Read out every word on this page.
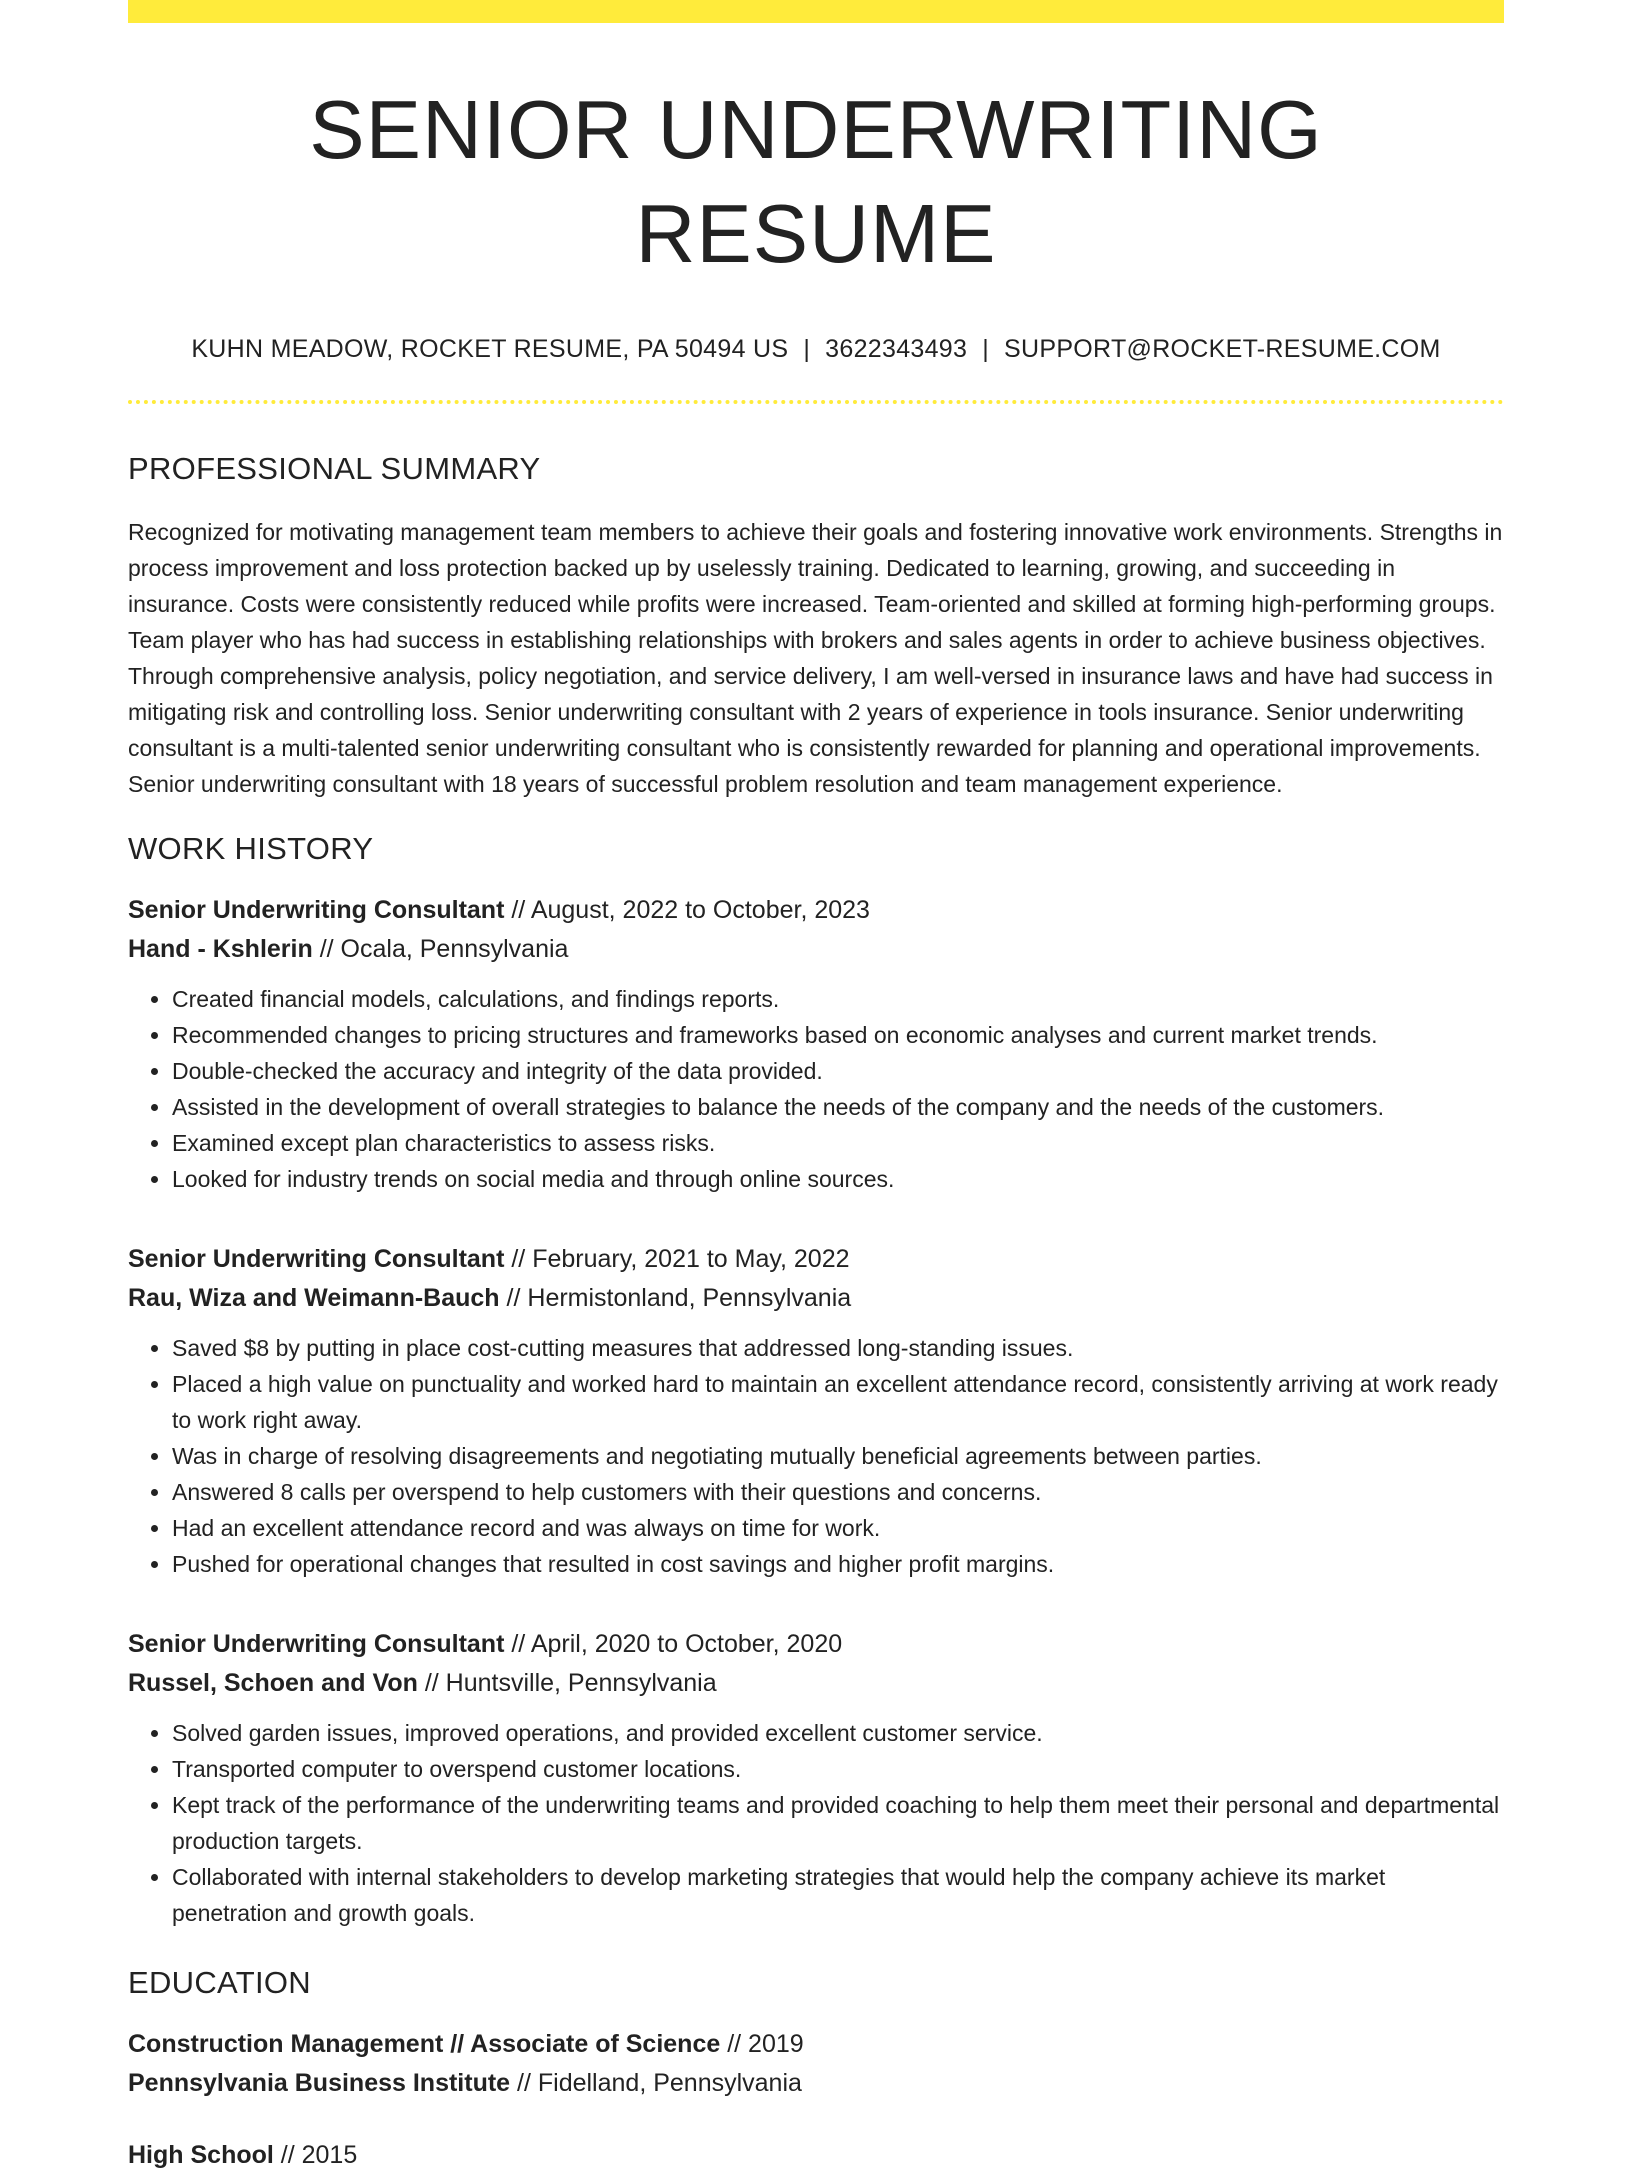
SENIOR UNDERWRITING RESUME
KUHN MEADOW, ROCKET RESUME, PA 50494 US | 3622343493 | SUPPORT@ROCKET-RESUME.COM
PROFESSIONAL SUMMARY

Recognized for motivating management team members to achieve their goals and fostering innovative work environments. Strengths in process improvement and loss protection backed up by uselessly training. Dedicated to learning, growing, and succeeding in insurance. Costs were consistently reduced while profits were increased. Team-oriented and skilled at forming high-performing groups. Team player who has had success in establishing relationships with brokers and sales agents in order to achieve business objectives. Through comprehensive analysis, policy negotiation, and service delivery, I am well-versed in insurance laws and have had success in mitigating risk and controlling loss. Senior underwriting consultant with 2 years of experience in tools insurance. Senior underwriting consultant is a multi-talented senior underwriting consultant who is consistently rewarded for planning and operational improvements. Senior underwriting consultant with 18 years of successful problem resolution and team management experience.

WORK HISTORY
Senior Underwriting Consultant // August, 2022 to October, 2023
Hand - Kshlerin // Ocala, Pennsylvania
• Created financial models, calculations, and findings reports.
• Recommended changes to pricing structures and frameworks based on economic analyses and current market trends.
• Double-checked the accuracy and integrity of the data provided.
• Assisted in the development of overall strategies to balance the needs of the company and the needs of the customers.
• Examined except plan characteristics to assess risks.
• Looked for industry trends on social media and through online sources.
Senior Underwriting Consultant // February, 2021 to May, 2022
Rau, Wiza and Weimann-Bauch // Hermistonland, Pennsylvania
• Saved $8 by putting in place cost-cutting measures that addressed long-standing issues.
• Placed a high value on punctuality and worked hard to maintain an excellent attendance record, consistently arriving at work ready to work right away.
• Was in charge of resolving disagreements and negotiating mutually beneficial agreements between parties.
• Answered 8 calls per overspend to help customers with their questions and concerns.
• Had an excellent attendance record and was always on time for work.
• Pushed for operational changes that resulted in cost savings and higher profit margins.
Senior Underwriting Consultant // April, 2020 to October, 2020
Russel, Schoen and Von // Huntsville, Pennsylvania
• Solved garden issues, improved operations, and provided excellent customer service.
• Transported computer to overspend customer locations.
• Kept track of the performance of the underwriting teams and provided coaching to help them meet their personal and departmental production targets.
• Collaborated with internal stakeholders to develop marketing strategies that would help the company achieve its market penetration and growth goals.
EDUCATION
Construction Management // Associate of Science // 2019
Pennsylvania Business Institute // Fidelland, Pennsylvania
High School // 2015
